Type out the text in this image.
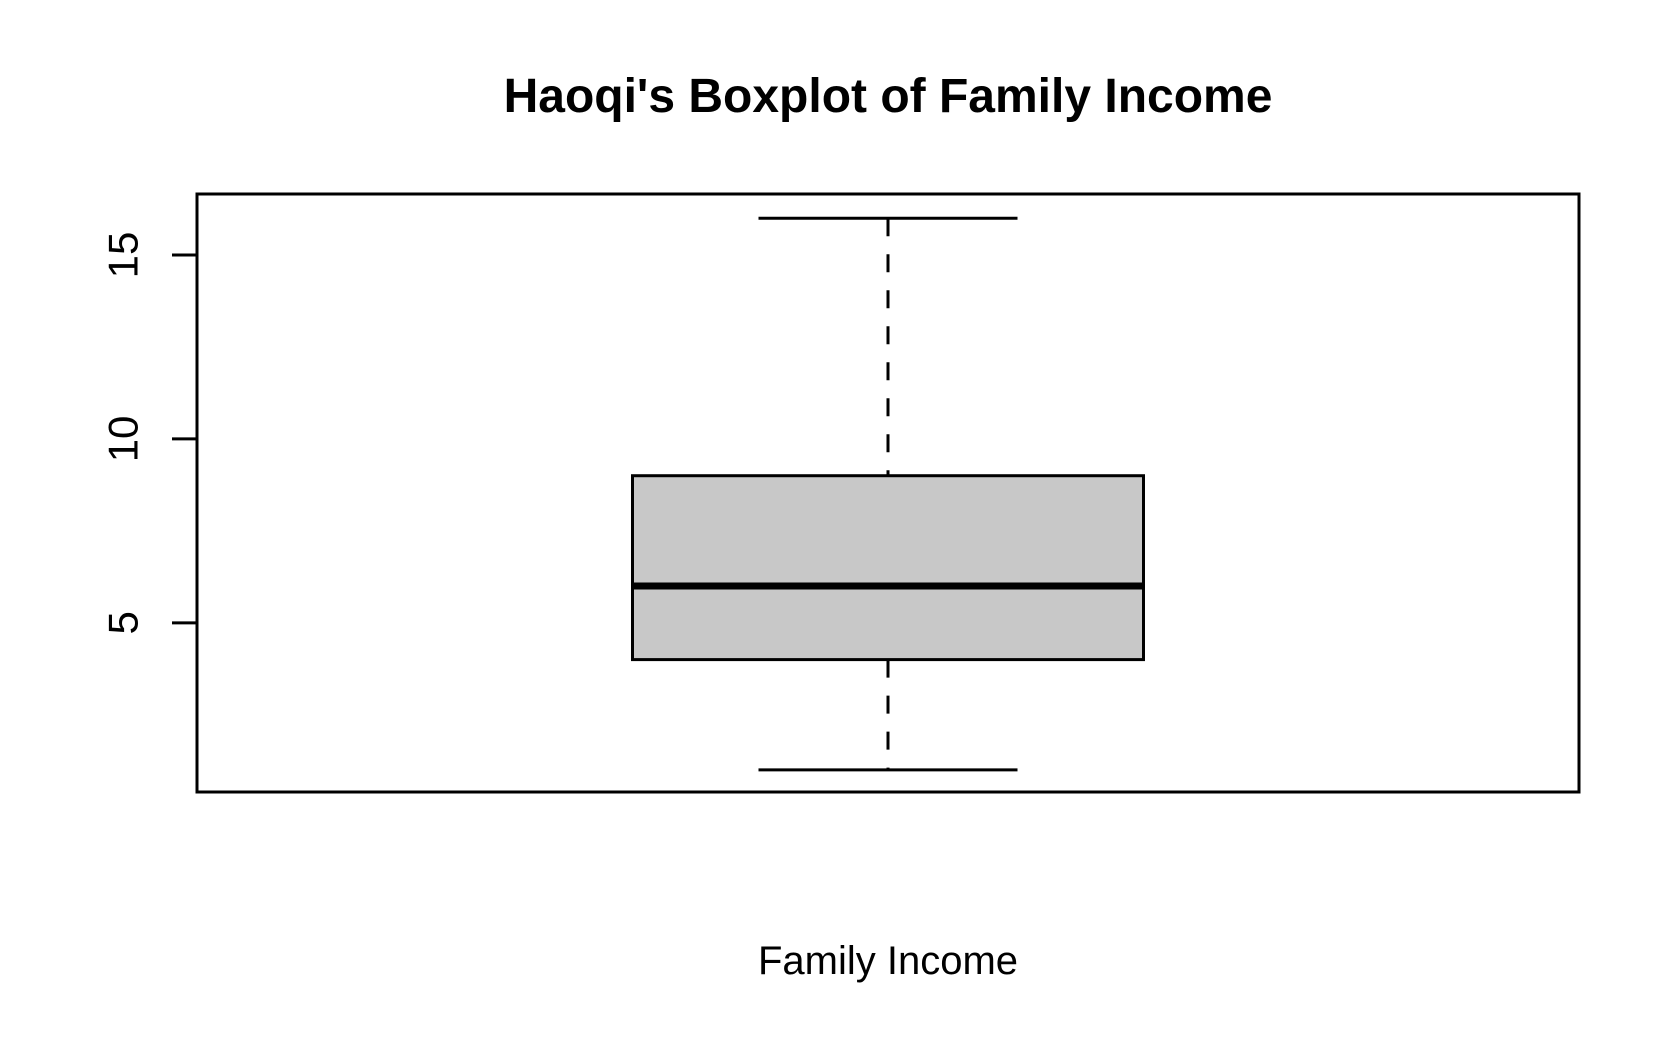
Haoqi's Boxplot of Family Income
5
10
15
Family Income
